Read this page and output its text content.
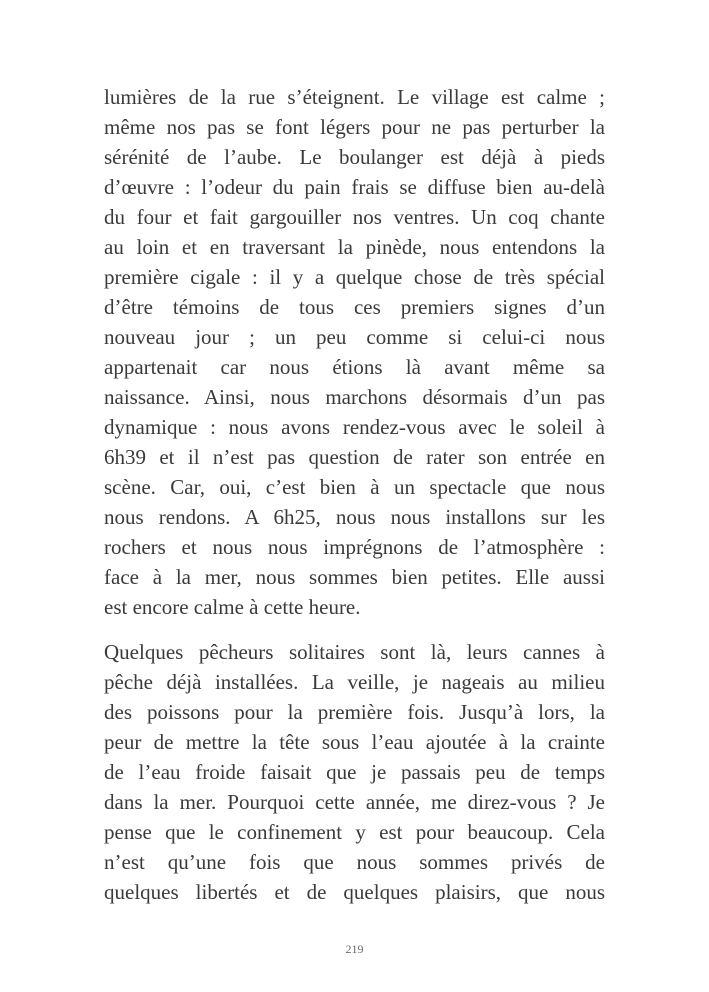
lumières de la rue s’éteignent. Le village est calme ;
même nos pas se font légers pour ne pas perturber la
sérénité de l’aube. Le boulanger est déjà à pieds
d’œuvre : l’odeur du pain frais se diffuse bien au-delà
du four et fait gargouiller nos ventres. Un coq chante
au loin et en traversant la pinède, nous entendons la
première cigale : il y a quelque chose de très spécial
d’être témoins de tous ces premiers signes d’un
nouveau jour ; un peu comme si celui-ci nous
appartenait car nous étions là avant même sa
naissance. Ainsi, nous marchons désormais d’un pas
dynamique : nous avons rendez-vous avec le soleil à
6h39 et il n’est pas question de rater son entrée en
scène. Car, oui, c’est bien à un spectacle que nous
nous rendons. A 6h25, nous nous installons sur les
rochers et nous nous imprégnons de l’atmosphère :
face à la mer, nous sommes bien petites. Elle aussi
est encore calme à cette heure.
Quelques pêcheurs solitaires sont là, leurs cannes à
pêche déjà installées. La veille, je nageais au milieu
des poissons pour la première fois. Jusqu’à lors, la
peur de mettre la tête sous l’eau ajoutée à la crainte
de l’eau froide faisait que je passais peu de temps
dans la mer. Pourquoi cette année, me direz-vous ? Je
pense que le confinement y est pour beaucoup. Cela
n’est qu’une fois que nous sommes privés de
quelques libertés et de quelques plaisirs, que nous
219
